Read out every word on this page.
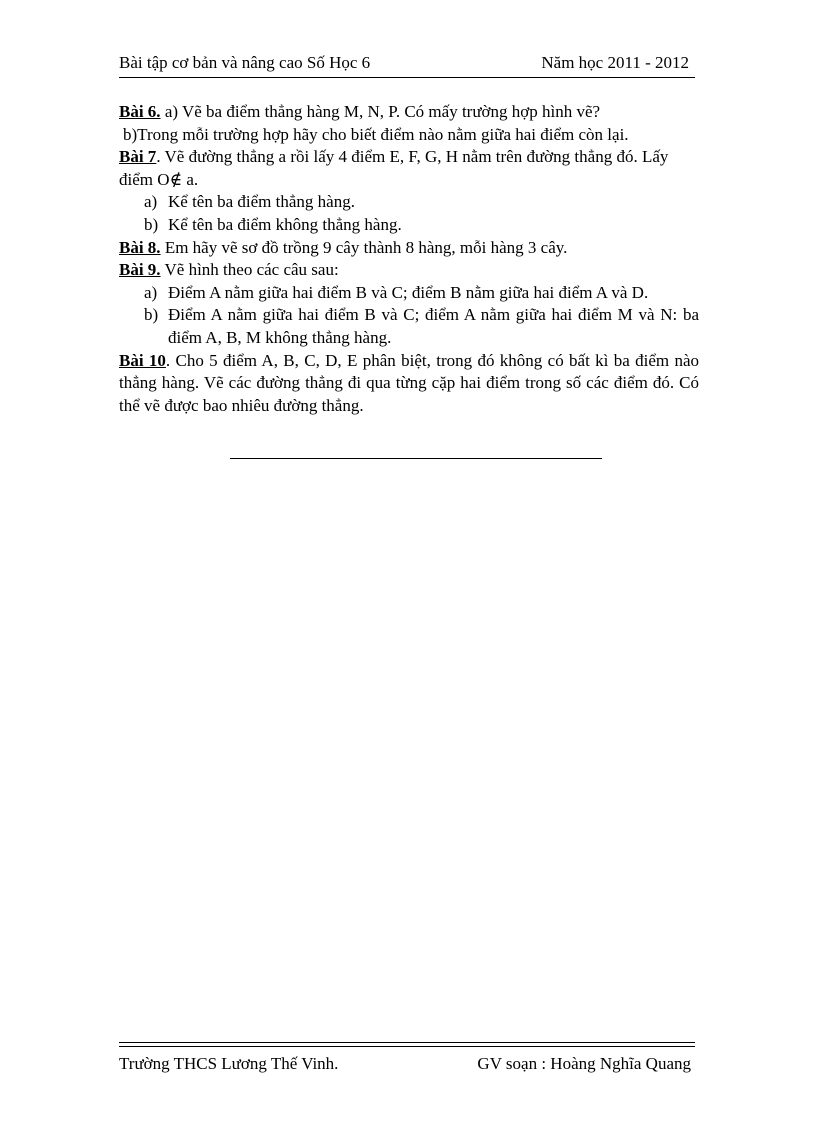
Bài tập cơ bản và nâng cao Số Học 6	Năm học 2011 - 2012

Bài 6. a) Vẽ ba điểm thẳng hàng M, N, P. Có mấy trường hợp hình vẽ?

b)Trong mỗi trường hợp hãy cho biết điểm nào nằm giữa hai điểm còn lại.

Bài 7. Vẽ đường thẳng a rồi lấy 4 điểm E, F, G, H nằm trên đường thẳng đó. Lấy điểm O∉ a.

a) Kể tên ba điểm thẳng hàng.

b) Kể tên ba điểm không thẳng hàng.

Bài 8. Em hãy vẽ sơ đồ trồng 9 cây thành 8 hàng, mỗi hàng 3 cây.

Bài 9. Vẽ hình theo các câu sau:

a) Điểm A nằm giữa hai điểm B và C; điểm B nằm giữa hai điểm A và D.

b) Điểm A nằm giữa hai điểm B và C; điểm A nằm giữa hai điểm M và N: ba điểm A, B, M không thẳng hàng.

Bài 10. Cho 5 điểm A, B, C, D, E phân biệt, trong đó không có bất kì ba điểm nào thẳng hàng. Vẽ các đường thẳng đi qua từng cặp hai điểm trong số các điểm đó. Có thể vẽ được bao nhiêu đường thẳng.

Trường THCS Lương Thế Vinh.	GV soạn : Hoàng Nghĩa Quang
